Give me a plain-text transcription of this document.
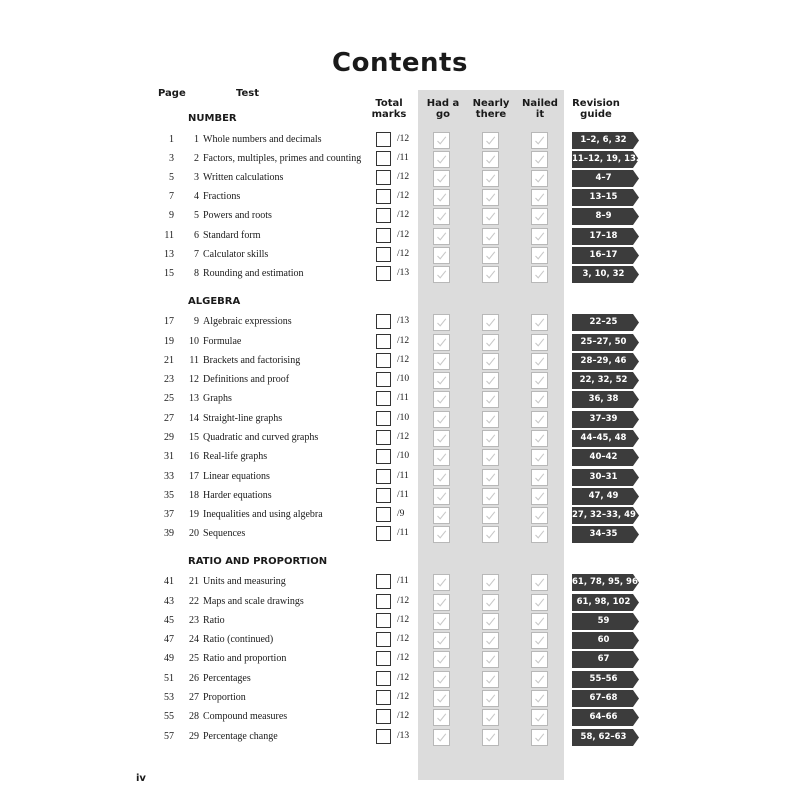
Contents
Page	Test
Total
marks
Had a
go
Nearly
there
Nailed
it
Revision
guide
NUMBER
1	1 Whole numbers and decimals	/12	1–2, 6, 32
3	2 Factors, multiples, primes and counting	/11	11–12, 19, 132
5	3 Written calculations	/12	4–7
7	4 Fractions	/12	13–15
9	5 Powers and roots	/12	8–9
11	6 Standard form	/12	17–18
13	7 Calculator skills	/12	16–17
15	8 Rounding and estimation	/13	3, 10, 32
ALGEBRA
17	9 Algebraic expressions	/13	22–25
19	10 Formulae	/12	25–27, 50
21	11 Brackets and factorising	/12	28–29, 46
23	12 Definitions and proof	/10	22, 32, 52
25	13 Graphs	/11	36, 38
27	14 Straight-line graphs	/10	37–39
29	15 Quadratic and curved graphs	/12	44–45, 48
31	16 Real-life graphs	/10	40–42
33	17 Linear equations	/11	30–31
35	18 Harder equations	/11	47, 49
37	19 Inequalities and using algebra	/9	27, 32–33, 49
39	20 Sequences	/11	34–35
RATIO AND PROPORTION
41	21 Units and measuring	/11	61, 78, 95, 96
43	22 Maps and scale drawings	/12	61, 98, 102
45	23 Ratio	/12	59
47	24 Ratio (continued)	/12	60
49	25 Ratio and proportion	/12	67
51	26 Percentages	/12	55–56
53	27 Proportion	/12	67–68
55	28 Compound measures	/12	64–66
57	29 Percentage change	/13	58, 62–63
iv
